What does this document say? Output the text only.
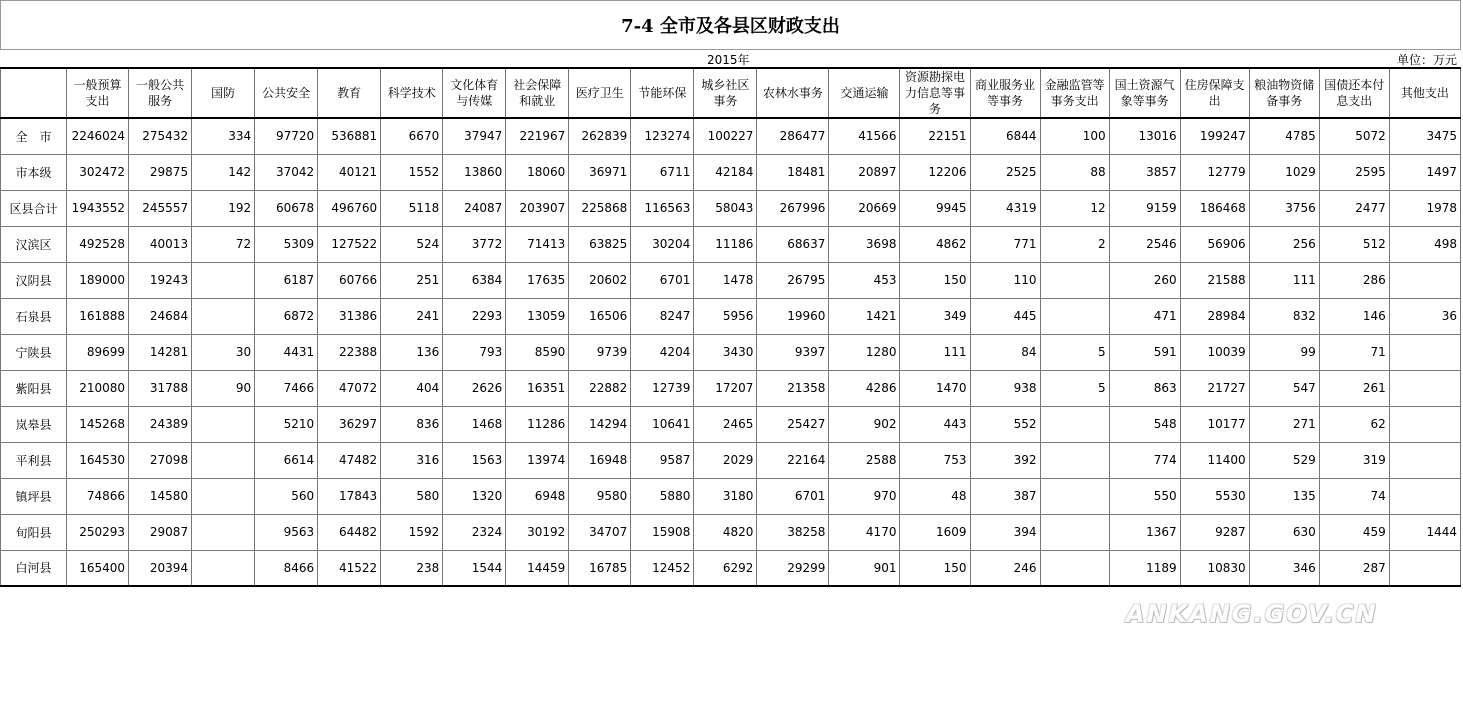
7-4 全市及各县区财政支出
2015年	单位：万元
	一般预算支出	一般公共服务	国防	公共安全	教育	科学技术	文化体育与传媒	社会保障和就业	医疗卫生	节能环保	城乡社区事务	农林水事务	交通运输	资源勘探电力信息等事务	商业服务业等事务	金融监管等事务支出	国土资源气象等事务	住房保障支出	粮油物资储备事务	国债还本付息支出	其他支出
全　市	2246024	275432	334	97720	536881	6670	37947	221967	262839	123274	100227	286477	41566	22151	6844	100	13016	199247	4785	5072	3475
市本级	302472	29875	142	37042	40121	1552	13860	18060	36971	6711	42184	18481	20897	12206	2525	88	3857	12779	1029	2595	1497
区县合计	1943552	245557	192	60678	496760	5118	24087	203907	225868	116563	58043	267996	20669	9945	4319	12	9159	186468	3756	2477	1978
汉滨区	492528	40013	72	5309	127522	524	3772	71413	63825	30204	11186	68637	3698	4862	771	2	2546	56906	256	512	498
汉阴县	189000	19243		6187	60766	251	6384	17635	20602	6701	1478	26795	453	150	110		260	21588	111	286	
石泉县	161888	24684		6872	31386	241	2293	13059	16506	8247	5956	19960	1421	349	445		471	28984	832	146	36
宁陕县	89699	14281	30	4431	22388	136	793	8590	9739	4204	3430	9397	1280	111	84	5	591	10039	99	71	
紫阳县	210080	31788	90	7466	47072	404	2626	16351	22882	12739	17207	21358	4286	1470	938	5	863	21727	547	261	
岚皋县	145268	24389		5210	36297	836	1468	11286	14294	10641	2465	25427	902	443	552		548	10177	271	62	
平利县	164530	27098		6614	47482	316	1563	13974	16948	9587	2029	22164	2588	753	392		774	11400	529	319	
镇坪县	74866	14580		560	17843	580	1320	6948	9580	5880	3180	6701	970	48	387		550	5530	135	74	
旬阳县	250293	29087		9563	64482	1592	2324	30192	34707	15908	4820	38258	4170	1609	394		1367	9287	630	459	1444
白河县	165400	20394		8466	41522	238	1544	14459	16785	12452	6292	29299	901	150	246		1189	10830	346	287	
ANKANG.GOV.CN
